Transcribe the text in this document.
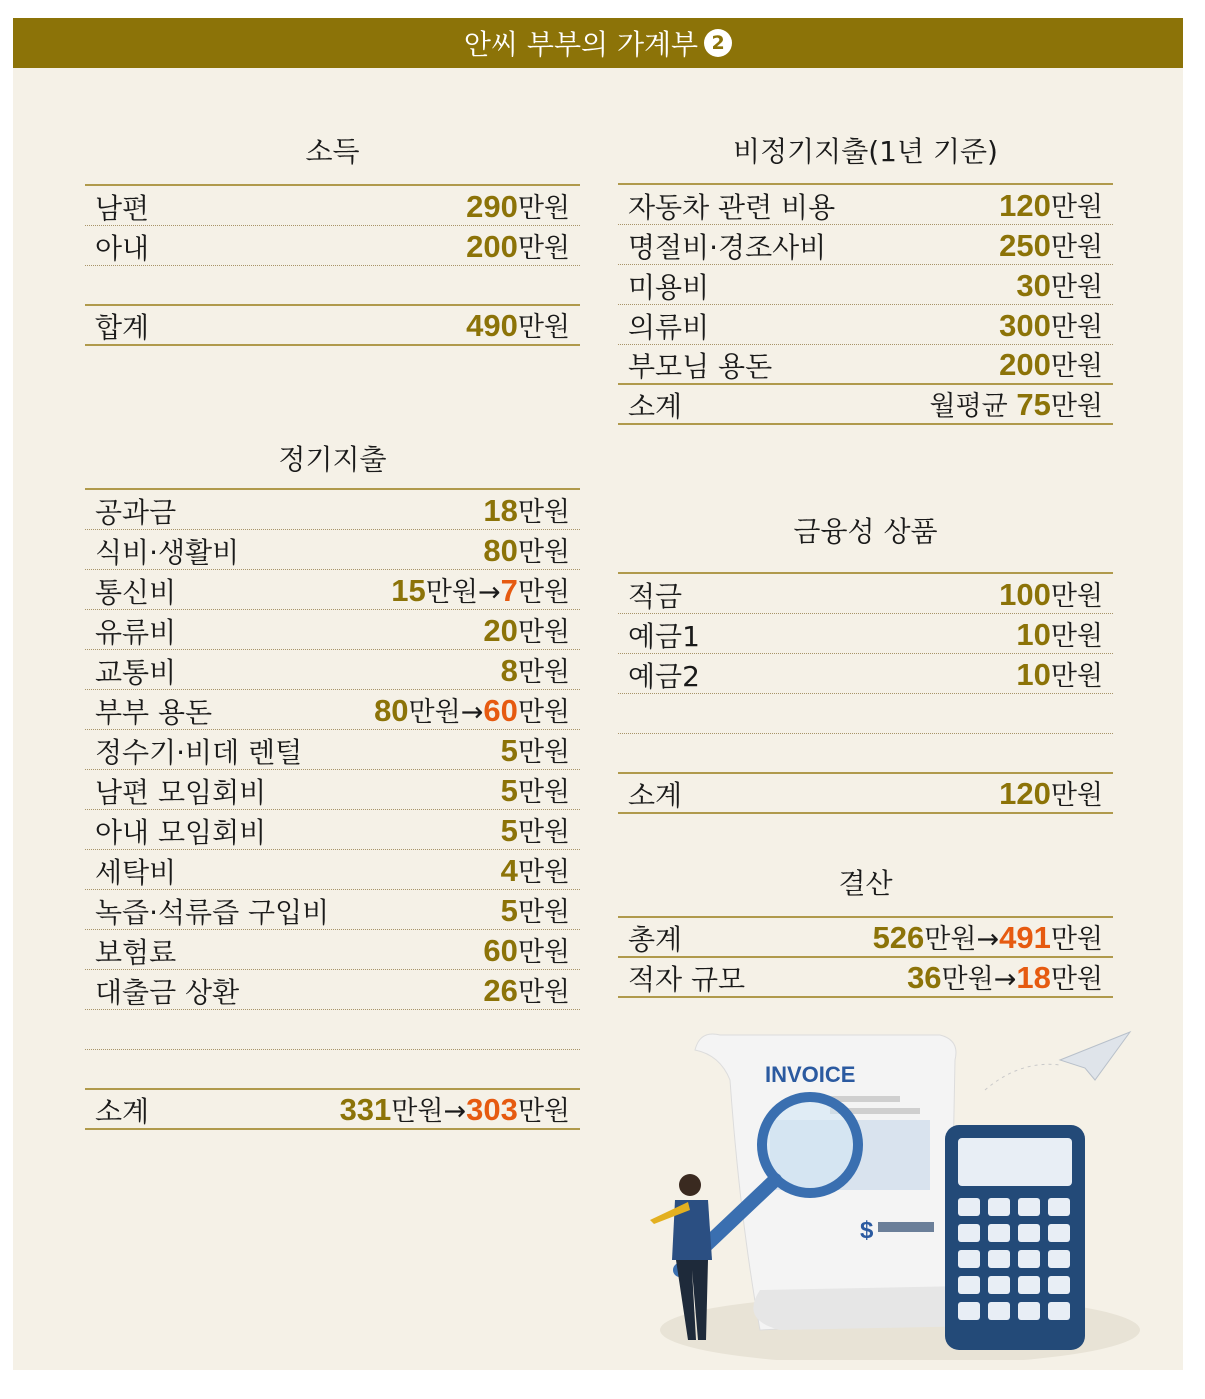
안씨 부부의 가계부 2
소득
남편	290만원
아내	200만원
합계	490만원
정기지출
공과금	18만원
식비·생활비	80만원
통신비	15만원→7만원
유류비	20만원
교통비	8만원
부부 용돈	80만원→60만원
정수기·비데 렌털	5만원
남편 모임회비	5만원
아내 모임회비	5만원
세탁비	4만원
녹즙·석류즙 구입비	5만원
보험료	60만원
대출금 상환	26만원
소계	331만원→303만원
비정기지출(1년 기준)
자동차 관련 비용	120만원
명절비·경조사비	250만원
미용비	30만원
의류비	300만원
부모님 용돈	200만원
소계	월평균 75만원
금융성 상품
적금	100만원
예금1	10만원
예금2	10만원
소계	120만원
결산
총계	526만원→491만원
적자 규모	36만원→18만원
INVOICE
$
